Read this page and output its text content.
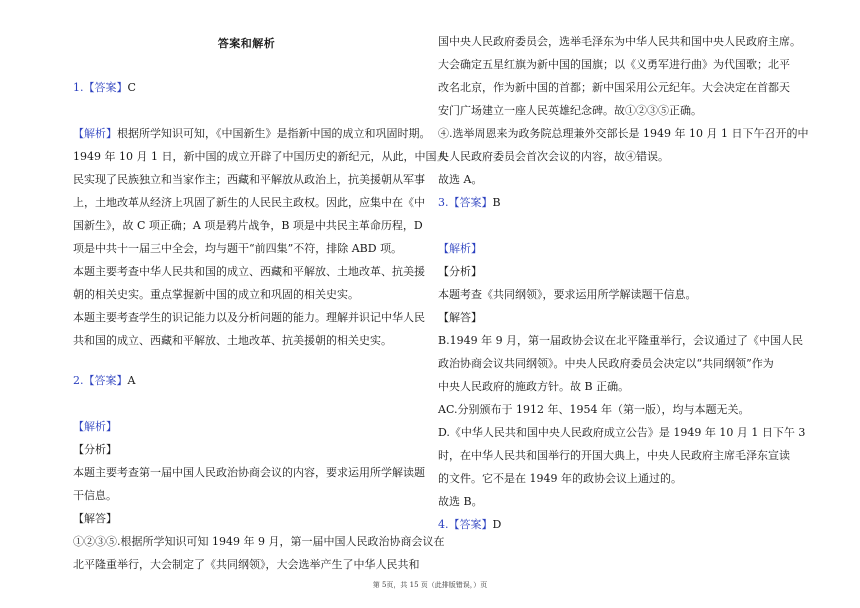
答案和解析
1.【答案】C
【解析】根据所学知识可知，《中国新生》是指新中国的成立和巩固时期。
1949 年 10 月 1 日，新中国的成立开辟了中国历史的新纪元，从此，中国人
民实现了民族独立和当家作主；西藏和平解放从政治上，抗美援朝从军事
上，土地改革从经济上巩固了新生的人民民主政权。因此，应集中在《中
国新生》，故 C 项正确；A 项是鸦片战争，B 项是中共民主革命历程，D
项是中共十一届三中全会，均与题干“前四集”不符，排除 ABD 项。
本题主要考查中华人民共和国的成立、西藏和平解放、土地改革、抗美援
朝的相关史实。重点掌握新中国的成立和巩固的相关史实。
本题主要考查学生的识记能力以及分析问题的能力。理解并识记中华人民
共和国的成立、西藏和平解放、土地改革、抗美援朝的相关史实。
2.【答案】A
【解析】
【分析】
本题主要考查第一届中国人民政治协商会议的内容，要求运用所学解读题
干信息。
【解答】
①②③⑤.根据所学知识可知 1949 年 9 月，第一届中国人民政治协商会议在
北平隆重举行，大会制定了《共同纲领》，大会选举产生了中华人民共和
国中央人民政府委员会，选举毛泽东为中华人民共和国中央人民政府主席。
大会确定五星红旗为新中国的国旗；以《义勇军进行曲》为代国歌；北平
改名北京，作为新中国的首都；新中国采用公元纪年。大会决定在首都天
安门广场建立一座人民英雄纪念碑。故①②③⑤正确。
④.选举周恩来为政务院总理兼外交部长是 1949 年 10 月 1 日下午召开的中
央人民政府委员会首次会议的内容，故④错误。
故选 A。
3.【答案】B
【解析】
【分析】
本题考查《共同纲领》，要求运用所学解读题干信息。
【解答】
B.1949 年 9 月，第一届政协会议在北平隆重举行，会议通过了《中国人民
政治协商会议共同纲领》。中央人民政府委员会决定以“共同纲领”作为
中央人民政府的施政方针。故 B 正确。
AC.分别颁布于 1912 年、1954 年（第一版），均与本题无关。
D.《中华人民共和国中央人民政府成立公告》是 1949 年 10 月 1 日下午 3
时，在中华人民共和国举行的开国大典上，中央人民政府主席毛泽东宣读
的文件。它不是在 1949 年的政协会议上通过的。
故选 B。
4.【答案】D
第 5页，共 15 页（此排版错误，）页
